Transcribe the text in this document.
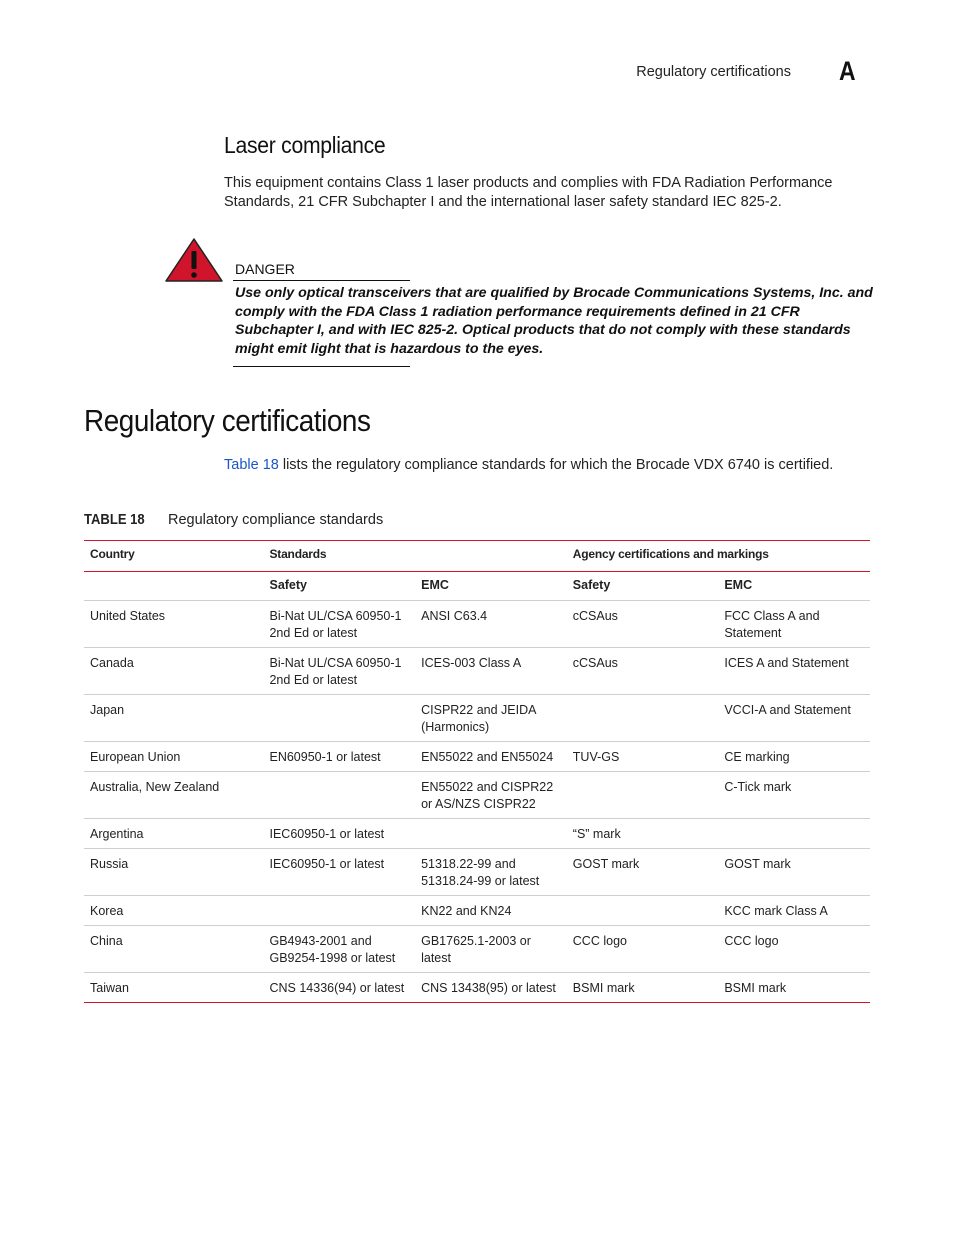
Regulatory certifications A
Laser compliance
This equipment contains Class 1 laser products and complies with FDA Radiation Performance Standards, 21 CFR Subchapter I and the international laser safety standard IEC 825-2.
DANGER
Use only optical transceivers that are qualified by Brocade Communications Systems, Inc. and comply with the FDA Class 1 radiation performance requirements defined in 21 CFR Subchapter I, and with IEC 825-2. Optical products that do not comply with these standards might emit light that is hazardous to the eyes.
Regulatory certifications
Table 18 lists the regulatory compliance standards for which the Brocade VDX 6740 is certified.
TABLE 18 Regulatory compliance standards
Country	Standards		Agency certifications and markings	
	Safety	EMC	Safety	EMC
United States	Bi-Nat UL/CSA 60950-1 2nd Ed or latest	ANSI C63.4	cCSAus	FCC Class A and Statement
Canada	Bi-Nat UL/CSA 60950-1 2nd Ed or latest	ICES-003 Class A	cCSAus	ICES A and Statement
Japan		CISPR22 and JEIDA (Harmonics)		VCCI-A and Statement
European Union	EN60950-1 or latest	EN55022 and EN55024	TUV-GS	CE marking
Australia, New Zealand		EN55022 and CISPR22 or AS/NZS CISPR22		C-Tick mark
Argentina	IEC60950-1 or latest		“S” mark	
Russia	IEC60950-1 or latest	51318.22-99 and 51318.24-99 or latest	GOST mark	GOST mark
Korea		KN22 and KN24		KCC mark Class A
China	GB4943-2001 and GB9254-1998 or latest	GB17625.1-2003 or latest	CCC logo	CCC logo
Taiwan	CNS 14336(94) or latest	CNS 13438(95) or latest	BSMI mark	BSMI mark
